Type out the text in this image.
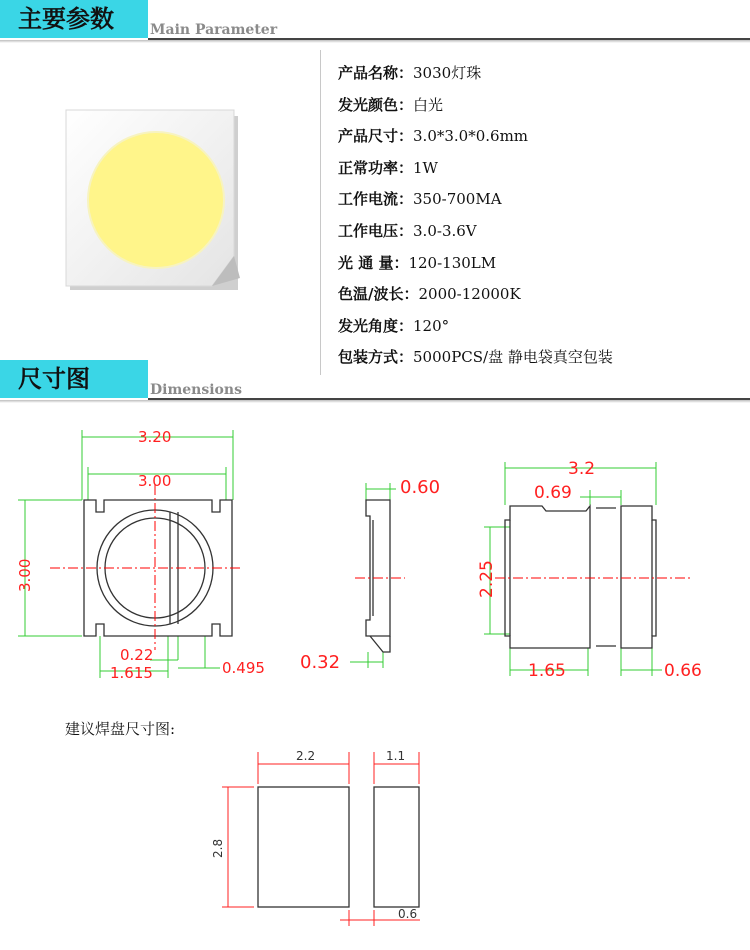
主要参数	Main Parameter
产品名称：3030灯珠
发光颜色：白光
产品尺寸：3.0*3.0*0.6mm
正常功率：1W
工作电流：350-700MA
工作电压：3.0-3.6V
光 通 量：120-130LM
色温/波长：2000-12000K
发光角度：120°
包装方式：5000PCS/盘 静电袋真空包装
尺寸图	Dimensions
3.20
3.00
3.00
0.22
1.615	0.495
0.60
0.32
3.2
0.69
2.25
1.65	0.66
2.2	1.1
2.8
0.6
建议焊盘尺寸图:
